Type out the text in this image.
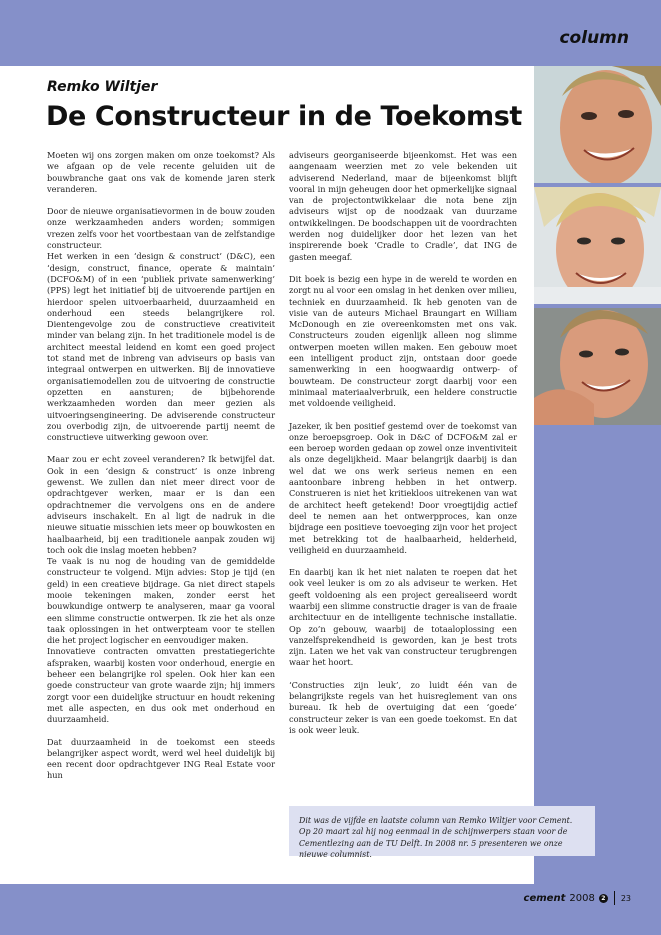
column
Remko Wiltjer
De Constructeur in de Toekomst

Moeten wij ons zorgen maken om onze toekomst? Als we afgaan op de vele recente geluiden uit de bouwbranche gaat ons vak de komende jaren sterk veranderen.

Door de nieuwe organisatievormen in de bouw zouden onze werkzaamheden anders worden; sommigen vrezen zelfs voor het voortbestaan van de zelfstandige constructeur.

Het werken in een ‘design & construct’ (D&C), een ‘design, construct, finance, operate & maintain’ (DCFO&M) of in een ‘publiek private samenwerking’ (PPS) legt het initiatief bij de uitvoerende partijen en hierdoor spelen uitvoerbaarheid, duurzaamheid en onderhoud een steeds belangrijkere rol. Dientengevolge zou de constructieve creativiteit minder van belang zijn. In het traditionele model is de architect meestal leidend en komt een goed project tot stand met de inbreng van adviseurs op basis van integraal ontwerpen en uitwerken. Bij de innovatieve organisatiemodellen zou de uitvoering de constructie opzetten en aansturen; de bijbehorende werkzaamheden worden dan meer gezien als uitvoeringsengineering. De adviserende constructeur zou overbodig zijn, de uitvoerende partij neemt de constructieve uitwerking gewoon over.

Maar zou er echt zoveel veranderen? Ik betwijfel dat. Ook in een ‘design & construct’ is onze inbreng gewenst. We zullen dan niet meer direct voor de opdrachtgever werken, maar er is dan een opdrachtnemer die vervolgens ons en de andere adviseurs inschakelt. En al ligt de nadruk in die nieuwe situatie misschien iets meer op bouwkosten en haalbaarheid, bij een traditionele aanpak zouden wij toch ook die inslag moeten hebben?

Te vaak is nu nog de houding van de gemiddelde constructeur te volgend. Mijn advies: Stop je tijd (en geld) in een creatieve bijdrage. Ga niet direct stapels mooie tekeningen maken, zonder eerst het bouwkundige ontwerp te analyseren, maar ga vooral een slimme constructie ontwerpen. Ik zie het als onze taak oplossingen in het ontwerpteam voor te stellen die het project logischer en eenvoudiger maken.

Innovatieve contracten omvatten prestatiegerichte afspraken, waarbij kosten voor onderhoud, energie en beheer een belangrijke rol spelen. Ook hier kan een goede constructeur van grote waarde zijn; hij immers zorgt voor een duidelijke structuur en houdt rekening met alle aspecten, en dus ook met onderhoud en duurzaamheid.

Dat duurzaamheid in de toekomst een steeds belangrijker aspect wordt, werd wel heel duidelijk bij een recent door opdrachtgever ING Real Estate voor hun

adviseurs georganiseerde bijeenkomst. Het was een aangenaam weerzien met zo vele bekenden uit adviserend Nederland, maar de bijeenkomst blijft vooral in mijn geheugen door het opmerkelijke signaal van de projectontwikkelaar die nota bene zijn adviseurs wijst op de noodzaak van duurzame ontwikkelingen. De boodschappen uit de voordrachten werden nog duidelijker door het lezen van het inspirerende boek ‘Cradle to Cradle’, dat ING de gasten meegaf.

Dit boek is bezig een hype in de wereld te worden en zorgt nu al voor een omslag in het denken over milieu, techniek en duurzaamheid. Ik heb genoten van de visie van de auteurs Michael Braungart en William McDonough en zie overeenkomsten met ons vak. Constructeurs zouden eigenlijk alleen nog slimme ontwerpen moeten willen maken. Een gebouw moet een intelligent product zijn, ontstaan door goede samenwerking in een hoogwaardig ontwerp- of bouwteam. De constructeur zorgt daarbij voor een minimaal materiaalverbruik, een heldere constructie met voldoende veiligheid.

Jazeker, ik ben positief gestemd over de toekomst van onze beroepsgroep. Ook in D&C of DCFO&M zal er een beroep worden gedaan op zowel onze inventiviteit als onze degelijkheid. Maar belangrijk daarbij is dan wel dat we ons werk serieus nemen en een aantoonbare inbreng hebben in het ontwerp. Construeren is niet het kritiekloos uitrekenen van wat de architect heeft getekend! Door vroegtijdig actief deel te nemen aan het ontwerpproces, kan onze bijdrage een positieve toevoeging zijn voor het project met betrekking tot de haalbaarheid, helderheid, veiligheid en duurzaamheid.

En daarbij kan ik het niet nalaten te roepen dat het ook veel leuker is om zo als adviseur te werken. Het geeft voldoening als een project gerealiseerd wordt waarbij een slimme constructie drager is van de fraaie architectuur en de intelligente technische installatie. Op zo’n gebouw, waarbij de totaaloplossing een vanzelfsprekendheid is geworden, kan je best trots zijn. Laten we het vak van constructeur terugbrengen waar het hoort.

‘Constructies zijn leuk’, zo luidt één van de belangrijkste regels van het huisreglement van ons bureau. Ik heb de overtuiging dat een ‘goede’ constructeur zeker is van een goede toekomst. En dat is ook weer leuk.

Dit was de vijfde en laatste column van Remko Wiltjer voor Cement. Op 20 maart zal hij nog eenmaal in de schijnwerpers staan voor de Cementlezing aan de TU Delft. In 2008 nr. 5 presenteren we onze nieuwe columnist.
cement 2008	2	23
